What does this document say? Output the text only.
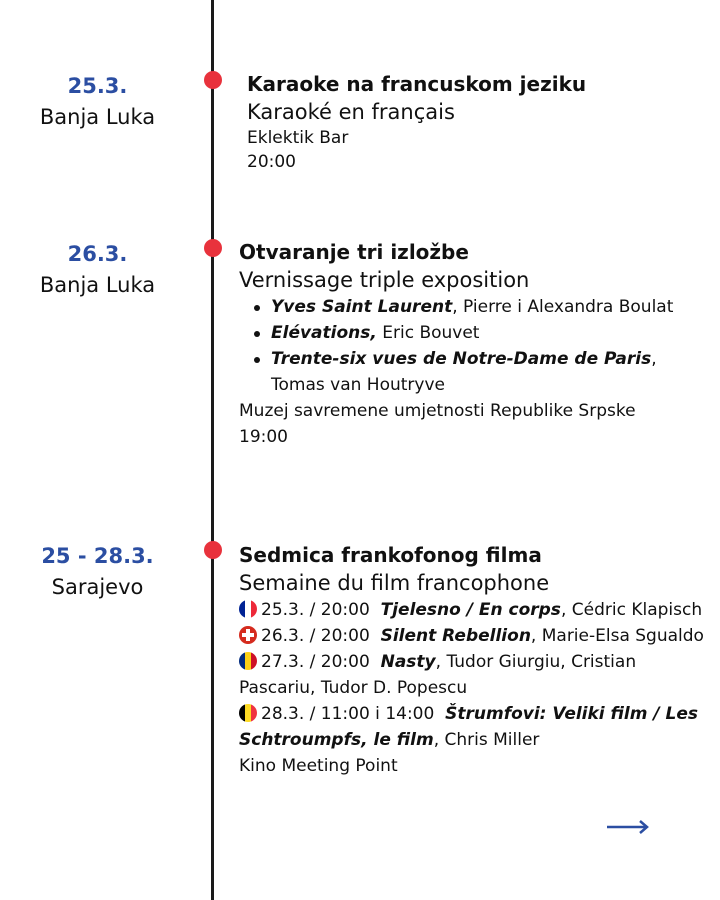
25.3.
Banja Luka
Karaoke na francuskom jeziku
Karaoké en français
Eklektik Bar
20:00
26.3.
Banja Luka
Otvaranje tri izložbe
Vernissage triple exposition
Yves Saint Laurent, Pierre i Alexandra Boulat
Elévations, Eric Bouvet
Trente-six vues de Notre-Dame de Paris,
Tomas van Houtryve
Muzej savremene umjetnosti Republike Srpske
19:00
25 - 28.3.
Sarajevo
Sedmica frankofonog filma
Semaine du film francophone
25.3. / 20:00 Tjelesno / En corps, Cédric Klapisch
26.3. / 20:00 Silent Rebellion, Marie-Elsa Sgualdo
27.3. / 20:00 Nasty, Tudor Giurgiu, Cristian Pascariu, Tudor D. Popescu
28.3. / 11:00 i 14:00 Štrumfovi: Veliki film / Les Schtroumpfs, le film, Chris Miller
Kino Meeting Point
